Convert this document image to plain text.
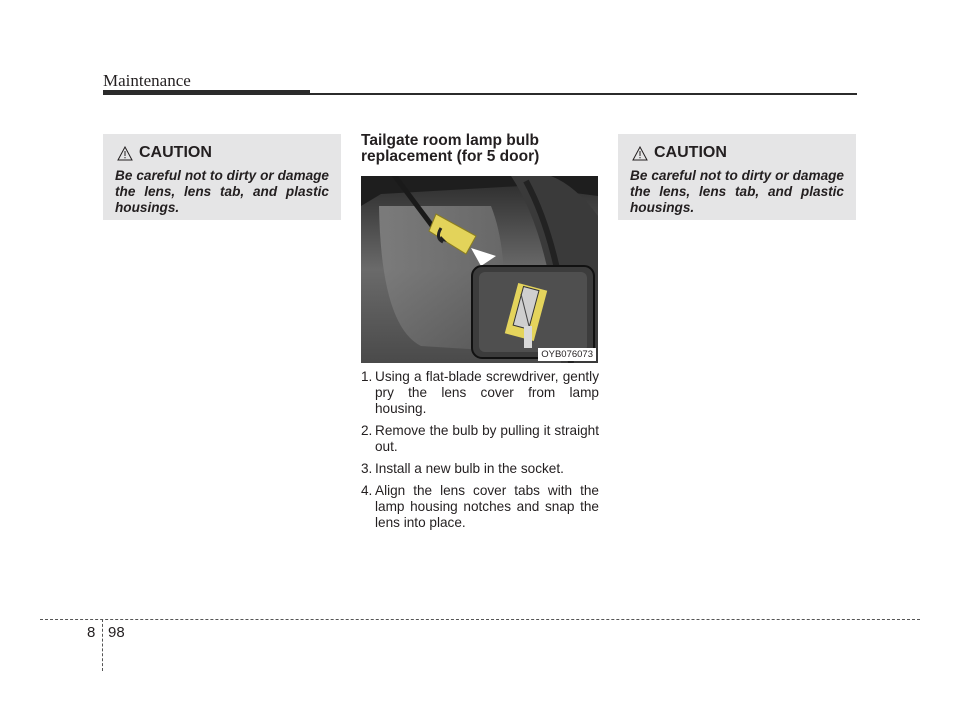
Maintenance
CAUTION
Be careful not to dirty or damage the lens, lens tab, and plastic housings.
Tailgate room lamp bulb replacement (for 5 door)
OYB076073
1. Using a flat-blade screwdriver, gently pry the lens cover from lamp housing.
2. Remove the bulb by pulling it straight out.
3. Install a new bulb in the socket.
4. Align the lens cover tabs with the lamp housing notches and snap the lens into place.
CAUTION
Be careful not to dirty or damage the lens, lens tab, and plastic housings.
8 98
